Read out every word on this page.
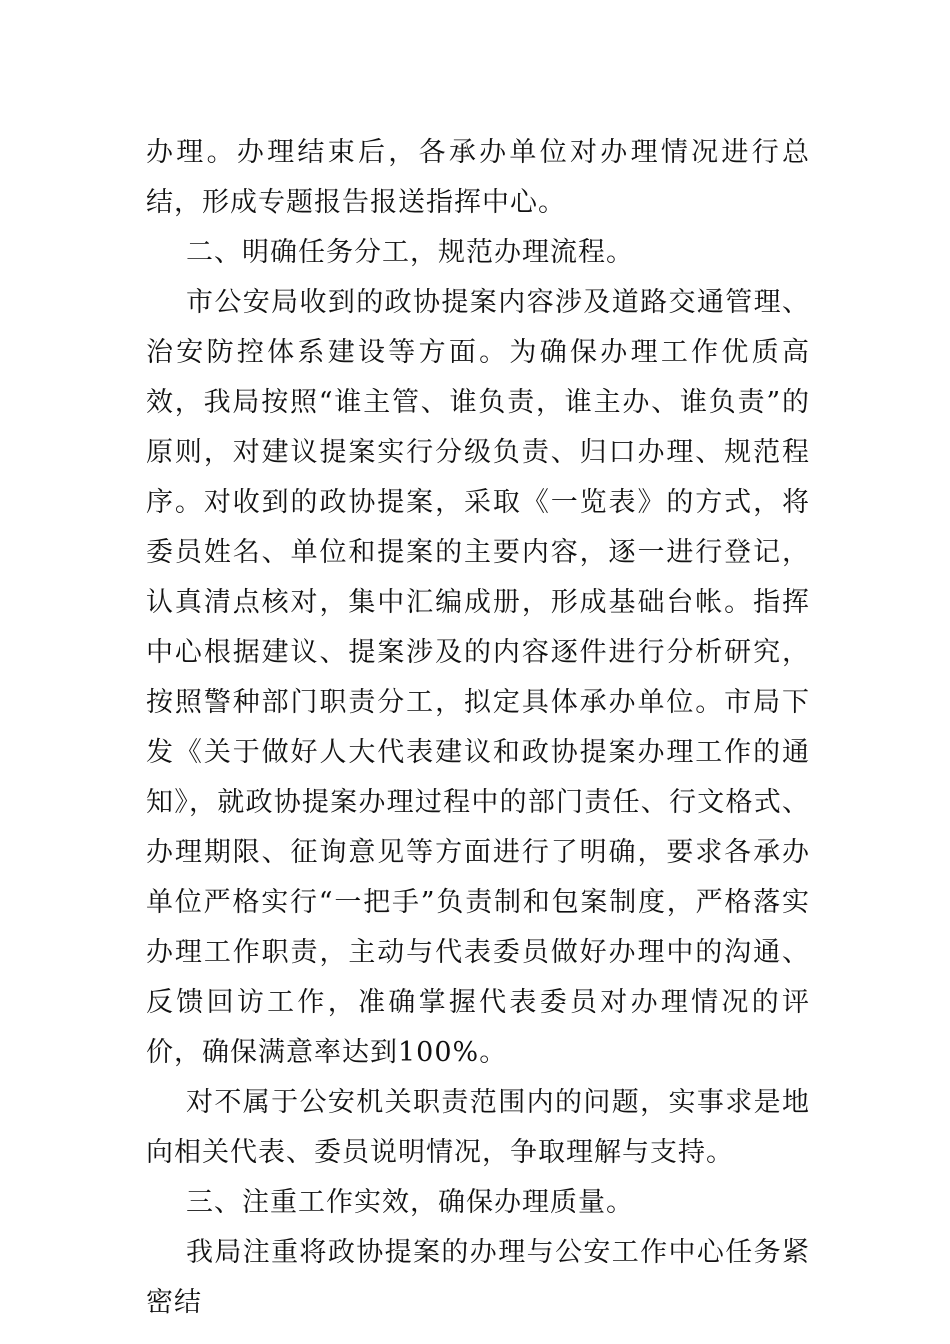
办理。办理结束后，各承办单位对办理情况进行总结，形成专题报告报送指挥中心。

二、明确任务分工，规范办理流程。

市公安局收到的政协提案内容涉及道路交通管理、治安防控体系建设等方面。为确保办理工作优质高效，我局按照“谁主管、谁负责，谁主办、谁负责”的原则，对建议提案实行分级负责、归口办理、规范程序。对收到的政协提案，采取《一览表》的方式，将委员姓名、单位和提案的主要内容，逐一进行登记，认真清点核对，集中汇编成册，形成基础台帐。指挥中心根据建议、提案涉及的内容逐件进行分析研究，按照警种部门职责分工，拟定具体承办单位。市局下发《关于做好人大代表建议和政协提案办理工作的通知》，就政协提案办理过程中的部门责任、行文格式、办理期限、征询意见等方面进行了明确，要求各承办单位严格实行“一把手”负责制和包案制度，严格落实办理工作职责，主动与代表委员做好办理中的沟通、反馈回访工作，准确掌握代表委员对办理情况的评价，确保满意率达到100%。

对不属于公安机关职责范围内的问题，实事求是地向相关代表、委员说明情况，争取理解与支持。

三、注重工作实效，确保办理质量。

我局注重将政协提案的办理与公安工作中心任务紧密结
